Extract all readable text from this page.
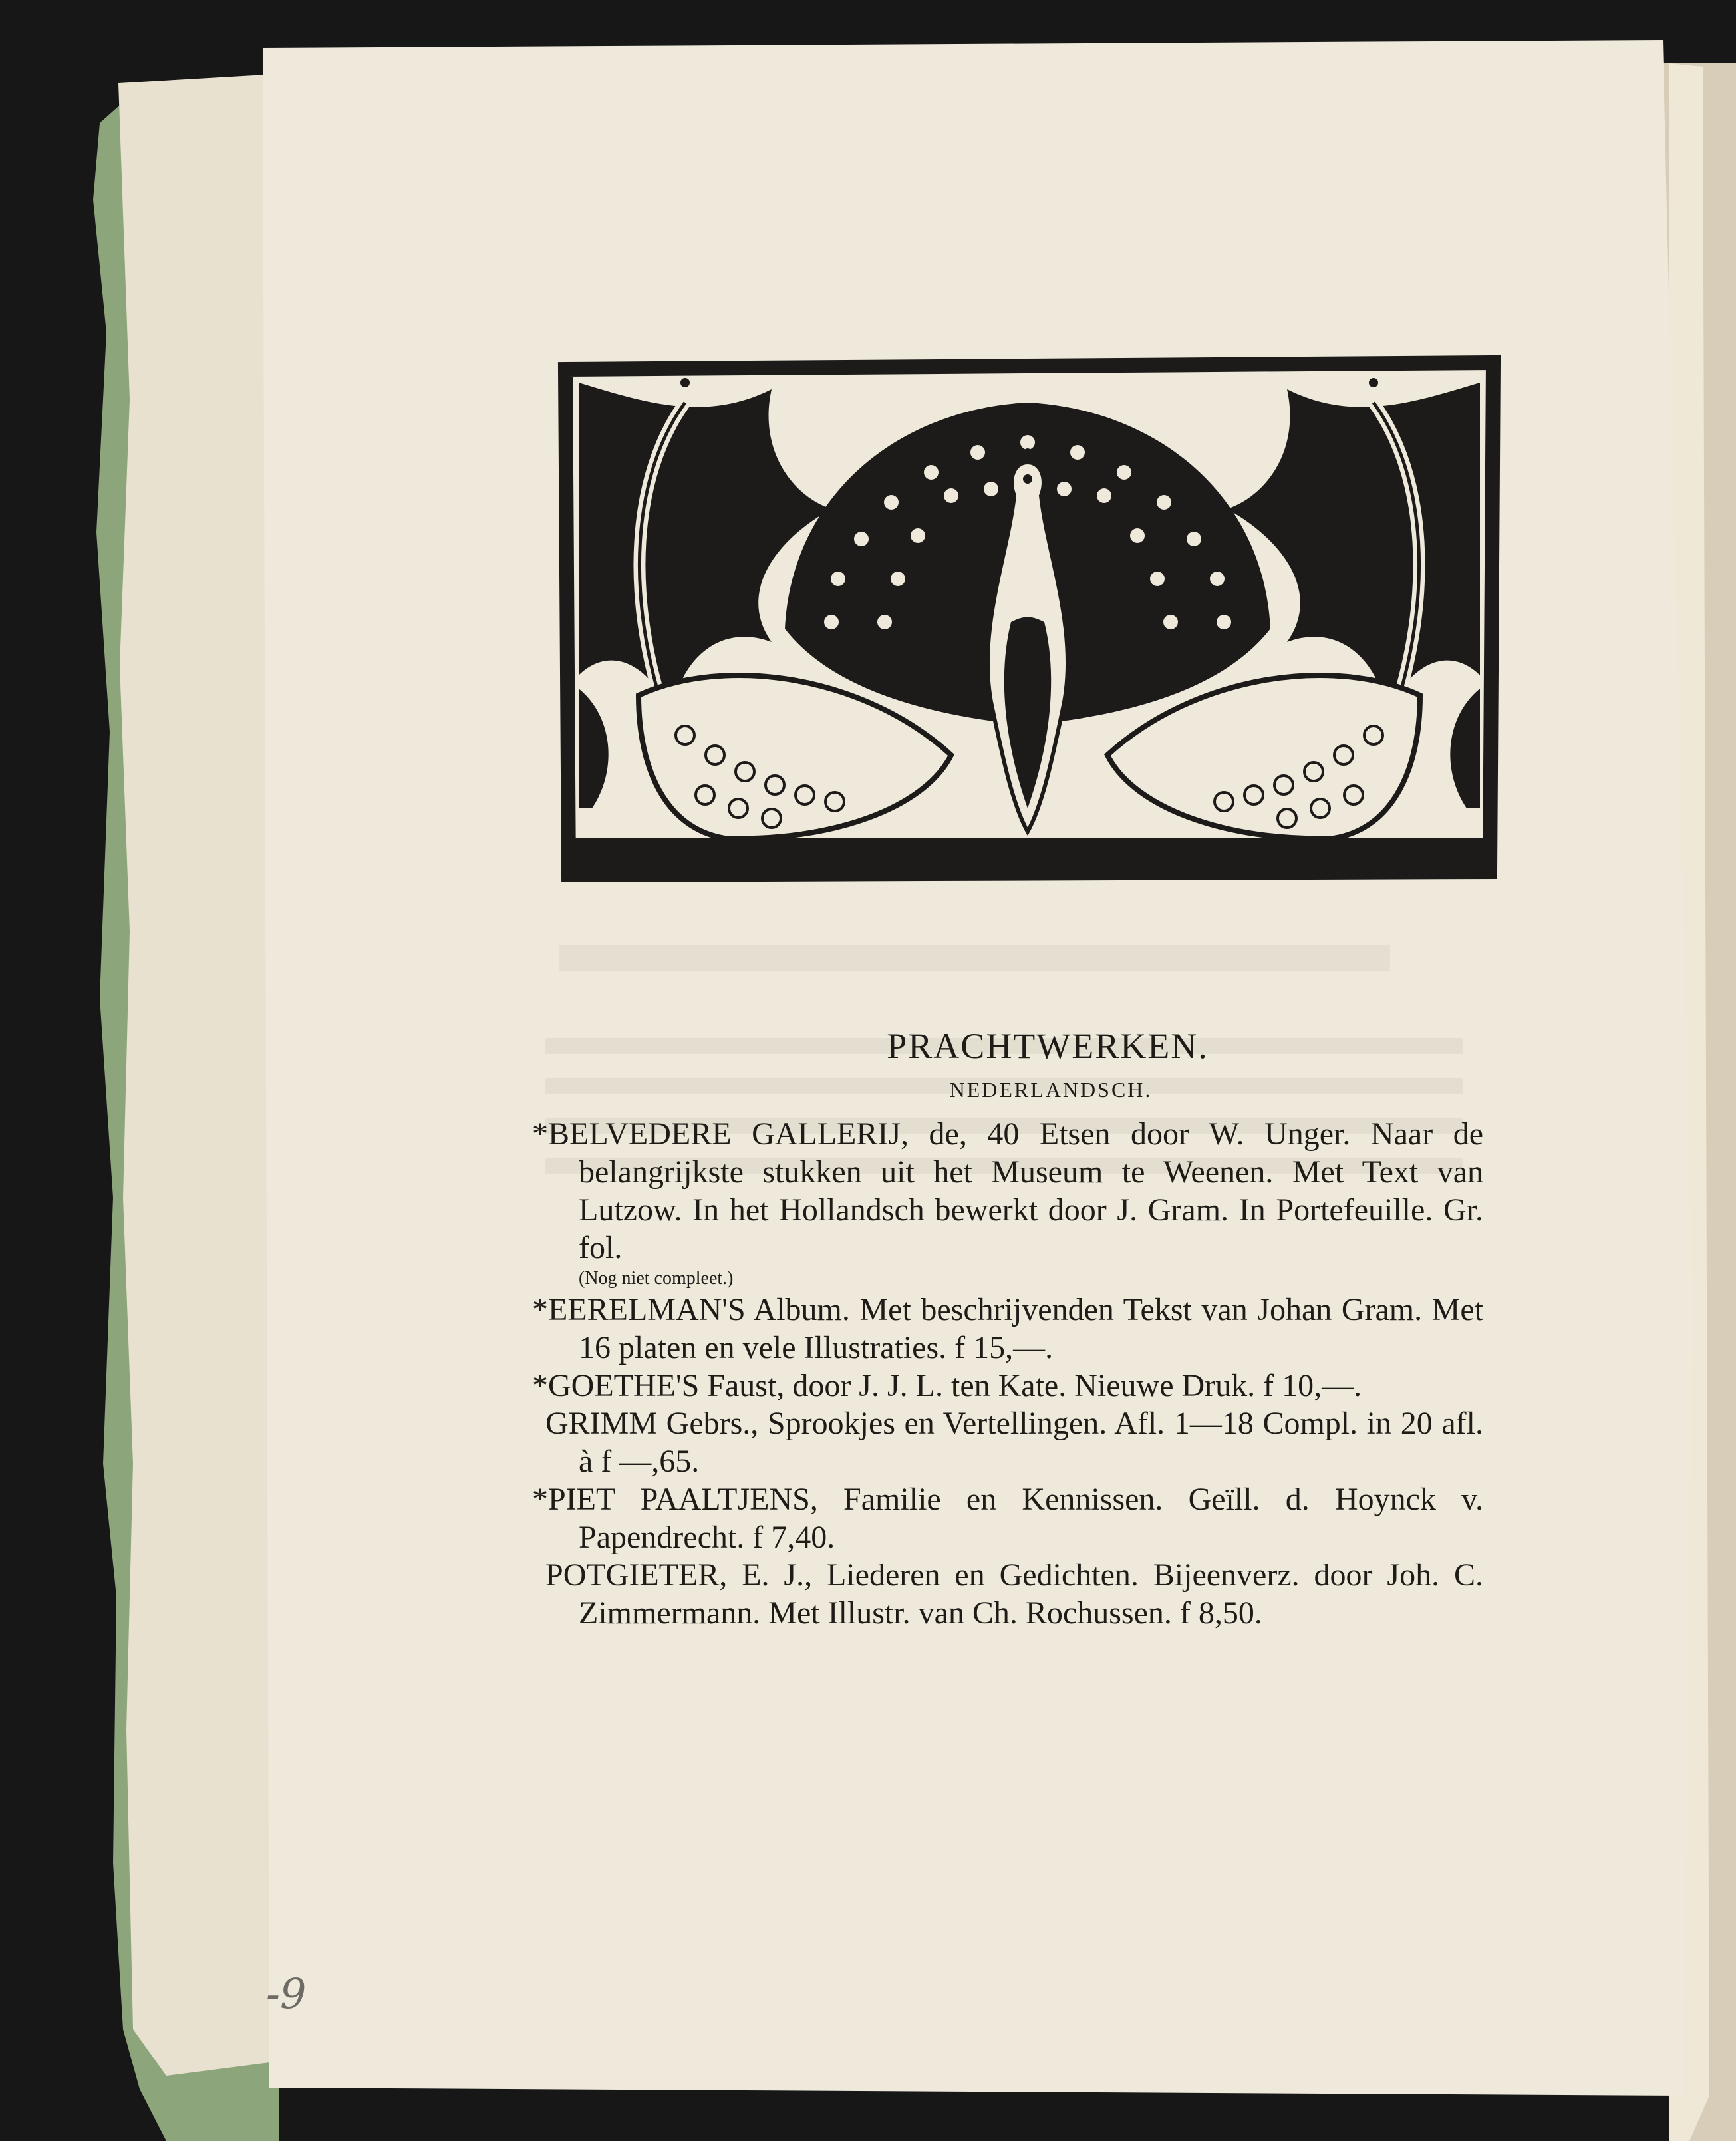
PRACHTWERKEN.
NEDERLANDSCH.

*BELVEDERE GALLERIJ, de, 40 Etsen door W. Unger. Naar de belangrijkste stukken uit het Museum te Weenen. Met Text van Lutzow. In het Hollandsch bewerkt door J. Gram. In Portefeuille. Gr. fol.
(Nog niet compleet.)

*EERELMAN'S Album. Met beschrijvenden Tekst van Johan Gram. Met 16 platen en vele Illustraties. f 15,—.

*GOETHE'S Faust, door J. J. L. ten Kate. Nieuwe Druk. f 10,—.

GRIMM Gebrs., Sprookjes en Vertellingen. Afl. 1—18 Compl. in 20 afl. à f —,65.

*PIET PAALTJENS, Familie en Kennissen. Geïll. d. Hoynck v. Papendrecht. f 7,40.

POTGIETER, E. J., Liederen en Gedichten. Bijeenverz. door Joh. C. Zimmermann. Met Illustr. van Ch. Rochussen. f 8,50.

-9
